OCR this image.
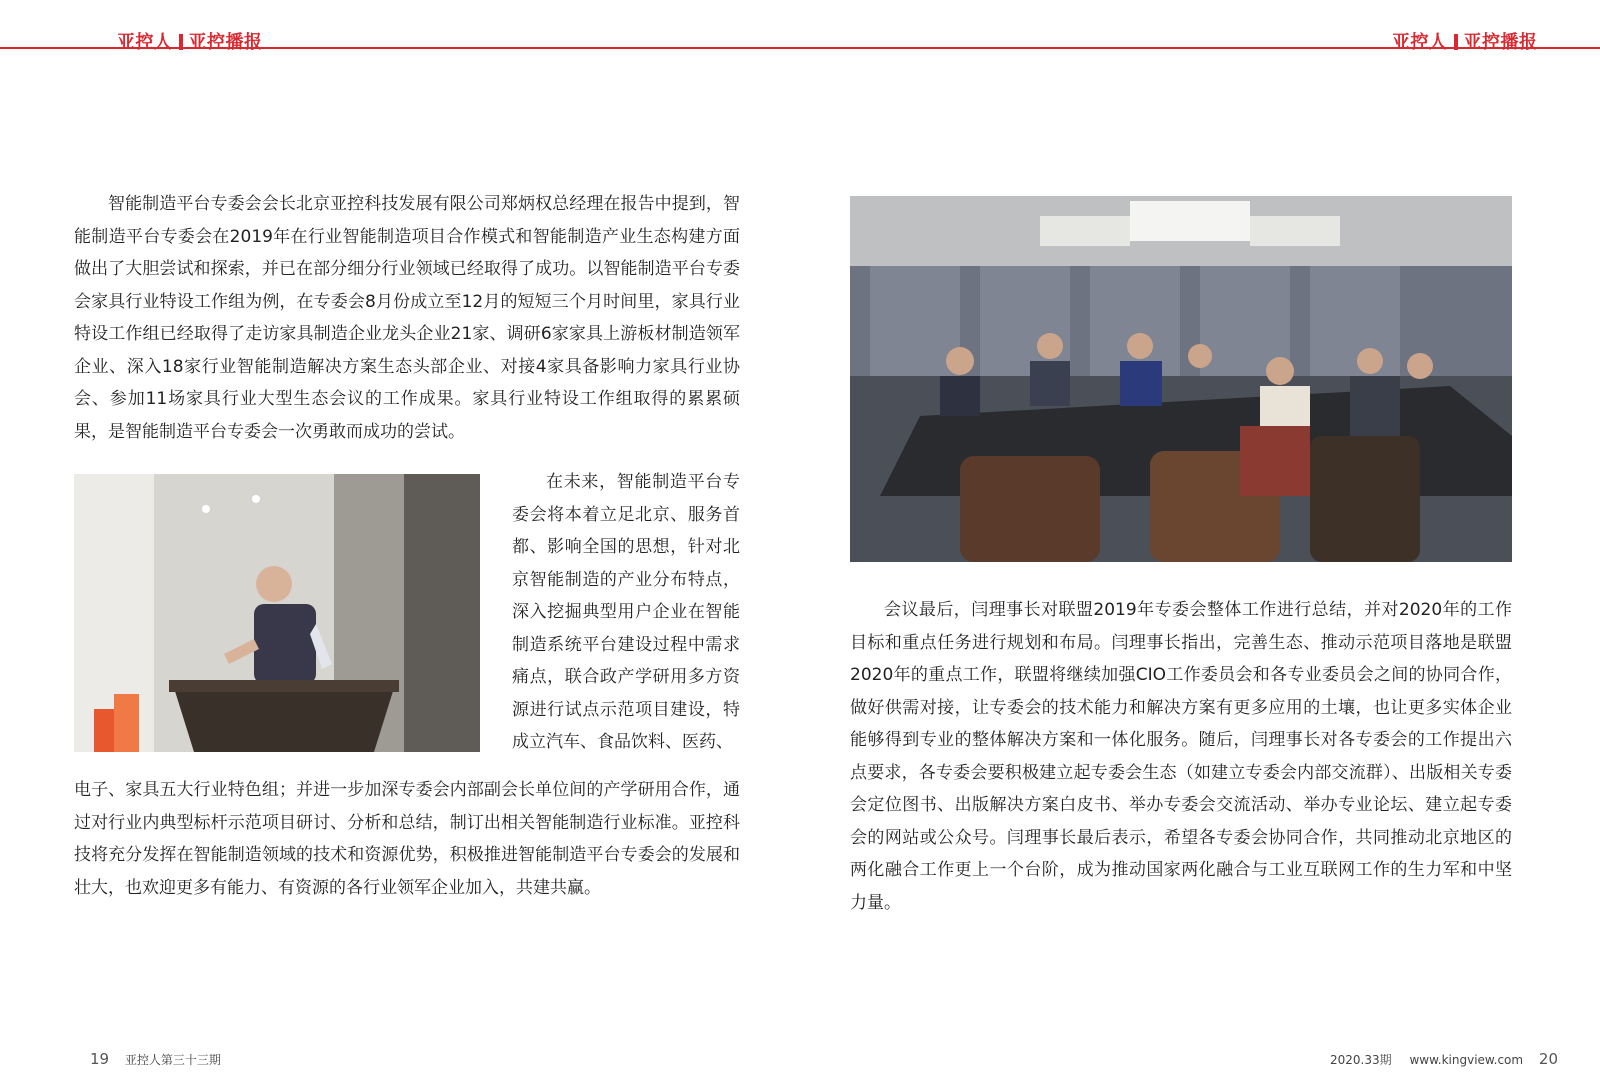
亚控人 亚控播报	亚控人 亚控播报

智能制造平台专委会会长北京亚控科技发展有限公司郑炳权总经理在报告中提到，智能制造平台专委会在2019年在行业智能制造项目合作模式和智能制造产业生态构建方面做出了大胆尝试和探索，并已在部分细分行业领域已经取得了成功。以智能制造平台专委会家具行业特设工作组为例，在专委会8月份成立至12月的短短三个月时间里，家具行业特设工作组已经取得了走访家具制造企业龙头企业21家、调研6家家具上游板材制造领军企业、深入18家行业智能制造解决方案生态头部企业、对接4家具备影响力家具行业协会、参加11场家具行业大型生态会议的工作成果。家具行业特设工作组取得的累累硕果，是智能制造平台专委会一次勇敢而成功的尝试。

在未来，智能制造平台专委会将本着立足北京、服务首都、影响全国的思想，针对北京智能制造的产业分布特点，深入挖掘典型用户企业在智能制造系统平台建设过程中需求痛点，联合政产学研用多方资源进行试点示范项目建设，特成立汽车、食品饮料、医药、

电子、家具五大行业特色组；并进一步加深专委会内部副会长单位间的产学研用合作，通过对行业内典型标杆示范项目研讨、分析和总结，制订出相关智能制造行业标准。亚控科技将充分发挥在智能制造领域的技术和资源优势，积极推进智能制造平台专委会的发展和壮大，也欢迎更多有能力、有资源的各行业领军企业加入，共建共赢。

会议最后，闫理事长对联盟2019年专委会整体工作进行总结，并对2020年的工作目标和重点任务进行规划和布局。闫理事长指出，完善生态、推动示范项目落地是联盟2020年的重点工作，联盟将继续加强CIO工作委员会和各专业委员会之间的协同合作，做好供需对接，让专委会的技术能力和解决方案有更多应用的土壤，也让更多实体企业能够得到专业的整体解决方案和一体化服务。随后，闫理事长对各专委会的工作提出六点要求，各专委会要积极建立起专委会生态（如建立专委会内部交流群）、出版相关专委会定位图书、出版解决方案白皮书、举办专委会交流活动、举办专业论坛、建立起专委会的网站或公众号。闫理事长最后表示，希望各专委会协同合作，共同推动北京地区的两化融合工作更上一个台阶，成为推动国家两化融合与工业互联网工作的生力军和中坚力量。

19 亚控人第三十三期	2020.33期 www.kingview.com 20
